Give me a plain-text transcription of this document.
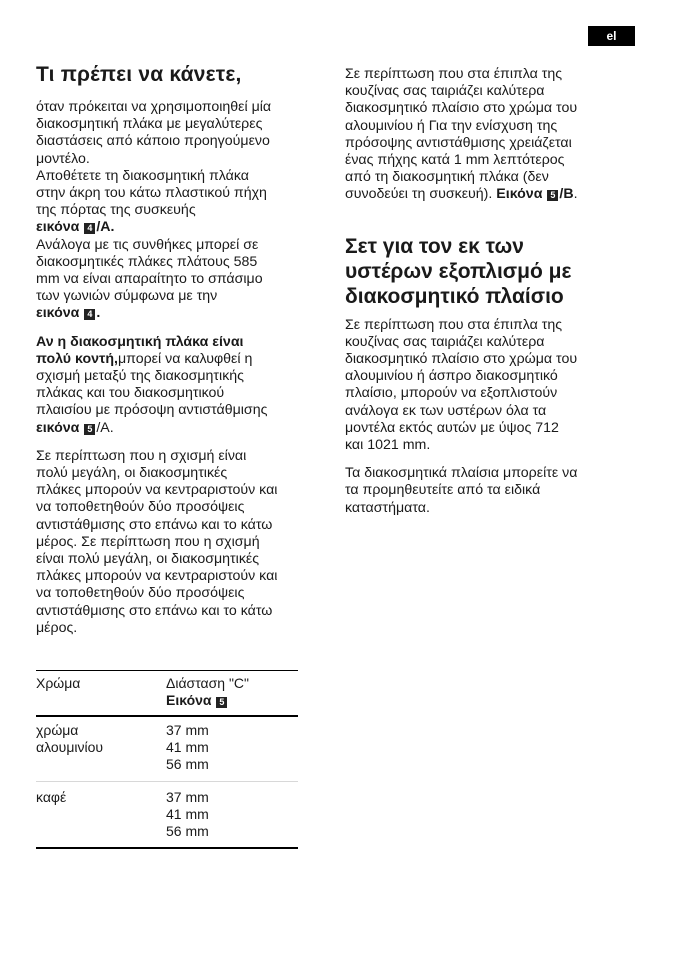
el
Τι πρέπει να κάνετε,

όταν πρόκειται να χρησιμοποιηθεί μία
διακοσμητική πλάκα με μεγαλύτερες
διαστάσεις από κάποιο προηγούμενο
μοντέλο.

Αποθέτετε τη διακοσμητική πλάκα
στην άκρη του κάτω πλαστικού πήχη
της πόρτας της συσκευής
εικόνα 4 /A.

Ανάλογα με τις συνθήκες μπορεί σε
διακοσμητικές πλάκες πλάτους 585
mm να είναι απαραίτητο το σπάσιμο
των γωνιών σύμφωνα με την
εικόνα 4 .

Αν η διακοσμητική πλάκα είναι
πολύ κοντή,μπορεί να καλυφθεί η
σχισμή μεταξύ της διακοσμητικής
πλάκας και του διακοσμητικού
πλαισίου με πρόσοψη αντιστάθμισης
εικόνα 5 /A.

Σε περίπτωση που η σχισμή είναι
πολύ μεγάλη, οι διακοσμητικές
πλάκες μπορούν να κεντραριστούν και
να τοποθετηθούν δύο προσόψεις
αντιστάθμισης στο επάνω και το κάτω
μέρος. Σε περίπτωση που η σχισμή
είναι πολύ μεγάλη, οι διακοσμητικές
πλάκες μπορούν να κεντραριστούν και
να τοποθετηθούν δύο προσόψεις
αντιστάθμισης στο επάνω και το κάτω
μέρος.

Χρώμα	Διάσταση "C"
Εικόνα 5
χρώμα
αλουμινίου	37 mm
41 mm
56 mm
καφέ	37 mm
41 mm
56 mm

Σε περίπτωση που στα έπιπλα της
κουζίνας σας ταιριάζει καλύτερα
διακοσμητικό πλαίσιο στο χρώμα του
αλουμινίου ή Για την ενίσχυση της
πρόσοψης αντιστάθμισης χρειάζεται
ένας πήχης κατά 1 mm λεπτότερος
από τη διακοσμητική πλάκα (δεν
συνοδεύει τη συσκευή). Εικόνα 5 /B.

Σετ για τον εκ των
υστέρων εξοπλισμό με
διακοσμητικό πλαίσιο

Σε περίπτωση που στα έπιπλα της
κουζίνας σας ταιριάζει καλύτερα
διακοσμητικό πλαίσιο στο χρώμα του
αλουμινίου ή άσπρο διακοσμητικό
πλαίσιο, μπορούν να εξοπλιστούν
ανάλογα εκ των υστέρων όλα τα
μοντέλα εκτός αυτών με ύψος 712
και 1021 mm.

Τα διακοσμητικά πλαίσια μπορείτε να
τα προμηθευτείτε από τα ειδικά
καταστήματα.
